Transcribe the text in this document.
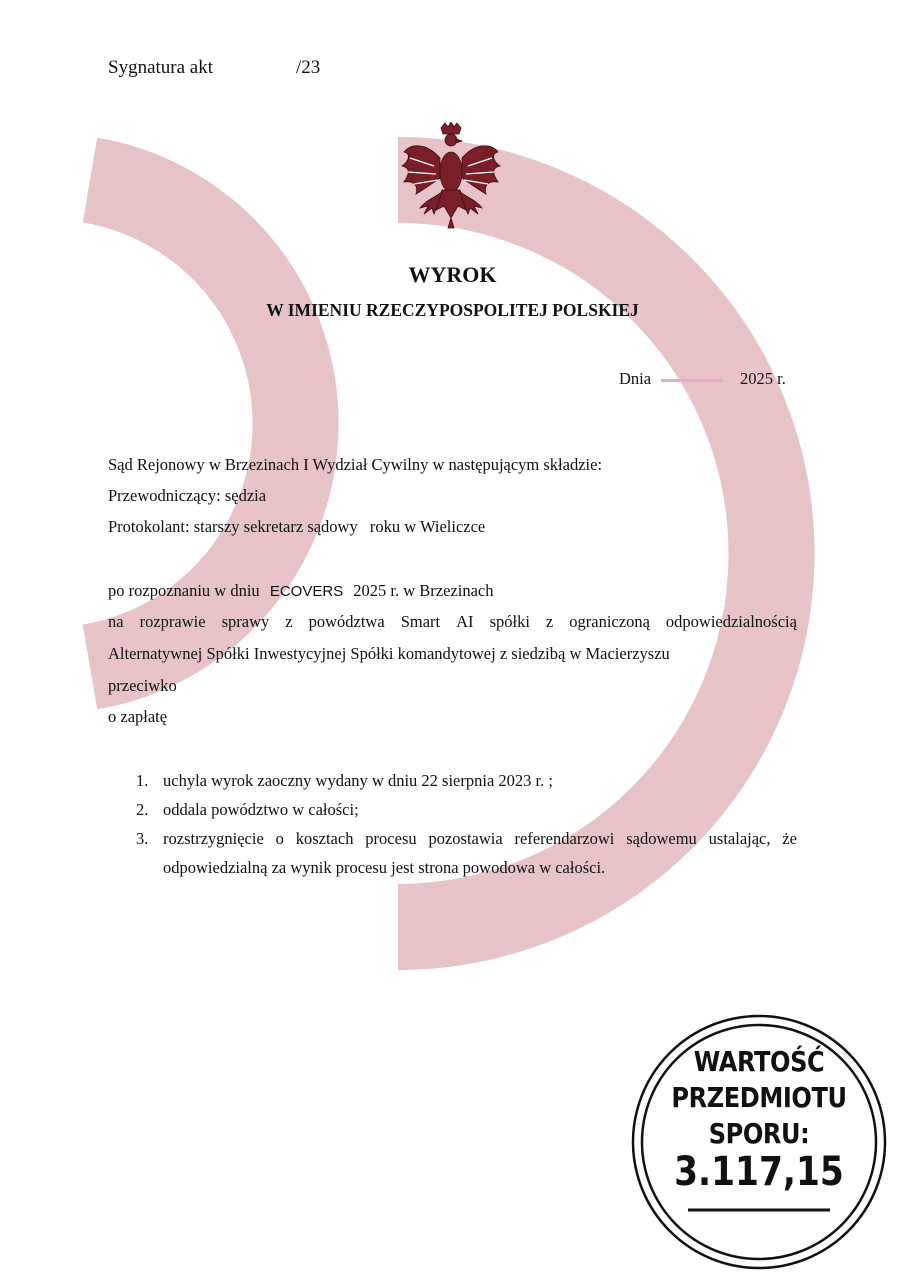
Sygnatura akt	/23
WYROK
W IMIENIU RZECZYPOSPOLITEJ POLSKIEJ
Dnia	2025 r.
Sąd Rejonowy w Brzezinach I Wydział Cywilny w następującym składzie:
Przewodniczący: sędzia
Protokolant: starszy sekretarz sądowy roku w Wieliczce
po rozpoznaniu w dniu ECOVERS 2025 r. w Brzezinach
na rozprawie sprawy z powództwa Smart AI spółki z ograniczoną odpowiedzialnością
Alternatywnej Spółki Inwestycyjnej Spółki komandytowej z siedzibą w Macierzyszu
przeciwko
o zapłatę
1. uchyla wyrok zaoczny wydany w dniu 22 sierpnia 2023 r. ;
2. oddala powództwo w całości;
3. rozstrzygnięcie o kosztach procesu pozostawia referendarzowi sądowemu ustalając, że odpowiedzialną za wynik procesu jest strona powodowa w całości.
WARTOŚĆ
PRZEDMIOTU
SPORU:
3.117,15
